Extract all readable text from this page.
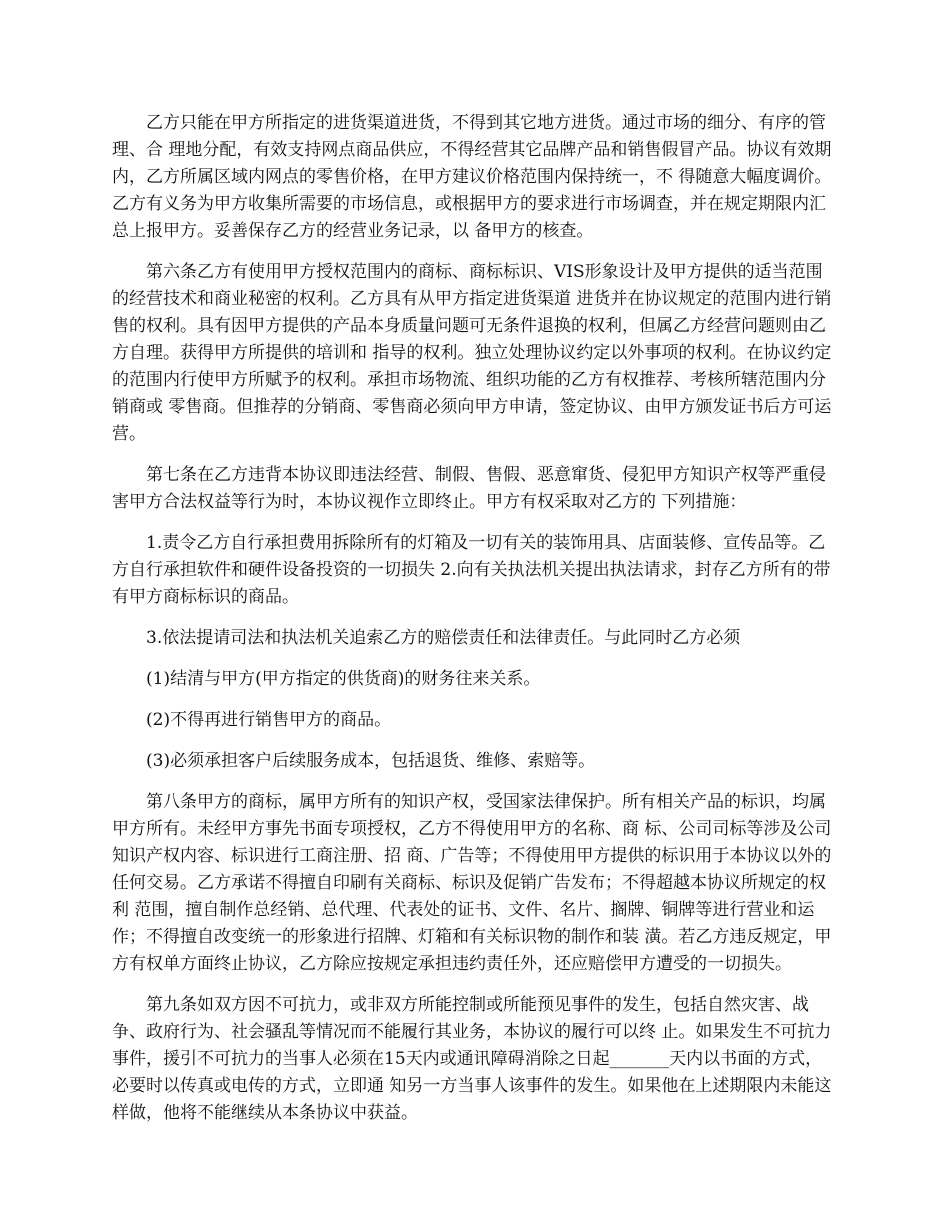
乙方只能在甲方所指定的进货渠道进货，不得到其它地方进货。通过市场的细分、有序的管理、合 理地分配，有效支持网点商品供应，不得经营其它品牌产品和销售假冒产品。协议有效期内，乙方所属区域内网点的零售价格，在甲方建议价格范围内保持统一，不 得随意大幅度调价。乙方有义务为甲方收集所需要的市场信息，或根据甲方的要求进行市场调查，并在规定期限内汇总上报甲方。妥善保存乙方的经营业务记录，以 备甲方的核查。

第六条乙方有使用甲方授权范围内的商标、商标标识、VIS形象设计及甲方提供的适当范围的经营技术和商业秘密的权利。乙方具有从甲方指定进货渠道 进货并在协议规定的范围内进行销售的权利。具有因甲方提供的产品本身质量问题可无条件退换的权利，但属乙方经营问题则由乙方自理。获得甲方所提供的培训和 指导的权利。独立处理协议约定以外事项的权利。在协议约定的范围内行使甲方所赋予的权利。承担市场物流、组织功能的乙方有权推荐、考核所辖范围内分销商或 零售商。但推荐的分销商、零售商必须向甲方申请，签定协议、由甲方颁发证书后方可运营。

第七条在乙方违背本协议即违法经营、制假、售假、恶意窜货、侵犯甲方知识产权等严重侵害甲方合法权益等行为时，本协议视作立即终止。甲方有权采取对乙方的 下列措施：

1.责令乙方自行承担费用拆除所有的灯箱及一切有关的装饰用具、店面装修、宣传品等。乙方自行承担软件和硬件设备投资的一切损失 2.向有关执法机关提出执法请求，封存乙方所有的带有甲方商标标识的商品。

3.依法提请司法和执法机关追索乙方的赔偿责任和法律责任。与此同时乙方必须

(1)结清与甲方(甲方指定的供货商)的财务往来关系。

(2)不得再进行销售甲方的商品。

(3)必须承担客户后续服务成本，包括退货、维修、索赔等。

第八条甲方的商标，属甲方所有的知识产权，受国家法律保护。所有相关产品的标识，均属甲方所有。未经甲方事先书面专项授权，乙方不得使用甲方的名称、商 标、公司司标等涉及公司知识产权内容、标识进行工商注册、招 商、广告等；不得使用甲方提供的标识用于本协议以外的任何交易。乙方承诺不得擅自印刷有关商标、标识及促销广告发布；不得超越本协议所规定的权利 范围，擅自制作总经销、总代理、代表处的证书、文件、名片、搁牌、铜牌等进行营业和运作；不得擅自改变统一的形象进行招牌、灯箱和有关标识物的制作和装 潢。若乙方违反规定，甲方有权单方面终止协议，乙方除应按规定承担违约责任外，还应赔偿甲方遭受的一切损失。

第九条如双方因不可抗力，或非双方所能控制或所能预见事件的发生，包括自然灾害、战争、政府行为、社会骚乱等情况而不能履行其业务，本协议的履行可以终 止。如果发生不可抗力事件，援引不可抗力的当事人必须在15天内或通讯障碍消除之日起_______天内以书面的方式，必要时以传真或电传的方式，立即通 知另一方当事人该事件的发生。如果他在上述期限内未能这样做，他将不能继续从本条协议中获益。
